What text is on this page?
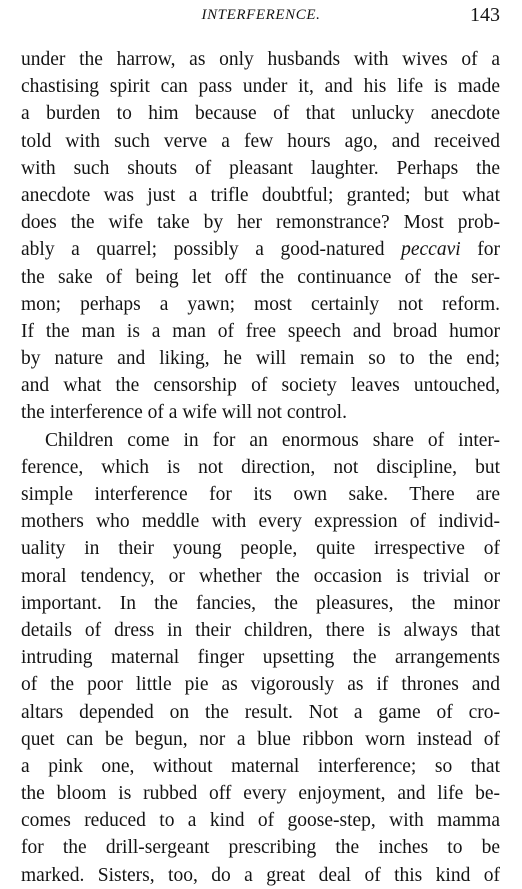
INTERFERENCE.	143
under the harrow, as only husbands with wives of a
chastising spirit can pass under it, and his life is made
a burden to him because of that unlucky anecdote
told with such verve a few hours ago, and received
with such shouts of pleasant laughter. Perhaps the
anecdote was just a trifle doubtful; granted; but what
does the wife take by her remonstrance? Most prob-
ably a quarrel; possibly a good-natured peccavi for
the sake of being let off the continuance of the ser-
mon; perhaps a yawn; most certainly not reform.
If the man is a man of free speech and broad humor
by nature and liking, he will remain so to the end;
and what the censorship of society leaves untouched,
the interference of a wife will not control.
Children come in for an enormous share of inter-
ference, which is not direction, not discipline, but
simple interference for its own sake. There are
mothers who meddle with every expression of individ-
uality in their young people, quite irrespective of
moral tendency, or whether the occasion is trivial or
important. In the fancies, the pleasures, the minor
details of dress in their children, there is always that
intruding maternal finger upsetting the arrangements
of the poor little pie as vigorously as if thrones and
altars depended on the result. Not a game of cro-
quet can be begun, nor a blue ribbon worn instead of
a pink one, without maternal interference; so that
the bloom is rubbed off every enjoyment, and life be-
comes reduced to a kind of goose-step, with mamma
for the drill-sergeant prescribing the inches to be
marked. Sisters, too, do a great deal of this kind of
